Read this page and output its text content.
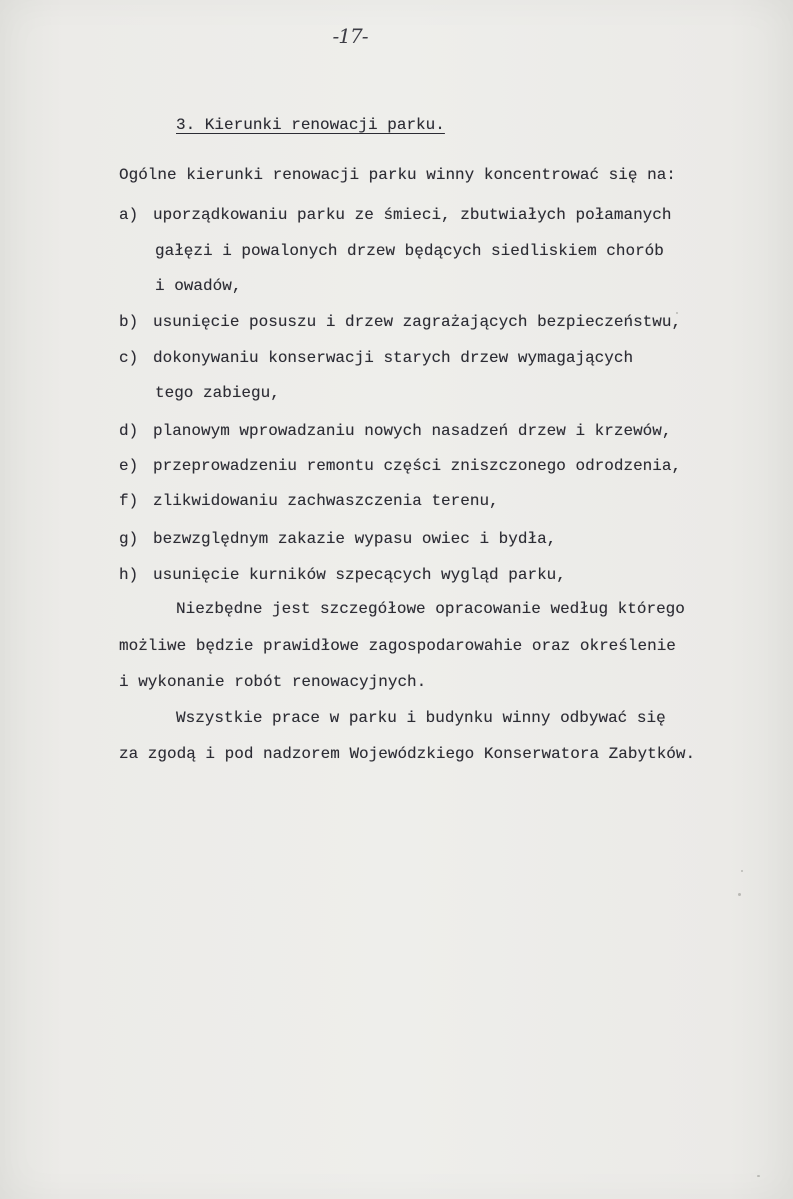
-17-
3. Kierunki renowacji parku.
Ogólne kierunki renowacji parku winny koncentrować się na:
a) uporządkowaniu parku ze śmieci, zbutwiałych połamanych
gałęzi i powalonych drzew będących siedliskiem chorób
i owadów,
b) usunięcie posuszu i drzew zagrażających bezpieczeństwu,
c) dokonywaniu konserwacji starych drzew wymagających
tego zabiegu,
d) planowym wprowadzaniu nowych nasadzeń drzew i krzewów,
e) przeprowadzeniu remontu części zniszczonego odrodzenia,
f) zlikwidowaniu zachwaszczenia terenu,
g) bezwzględnym zakazie wypasu owiec i bydła,
h) usunięcie kurników szpecących wygląd parku,
Niezbędne jest szczegółowe opracowanie według którego
możliwe będzie prawidłowe zagospodarowahie oraz określenie
i wykonanie robót renowacyjnych.
Wszystkie prace w parku i budynku winny odbywać się
za zgodą i pod nadzorem Wojewódzkiego Konserwatora Zabytków.
